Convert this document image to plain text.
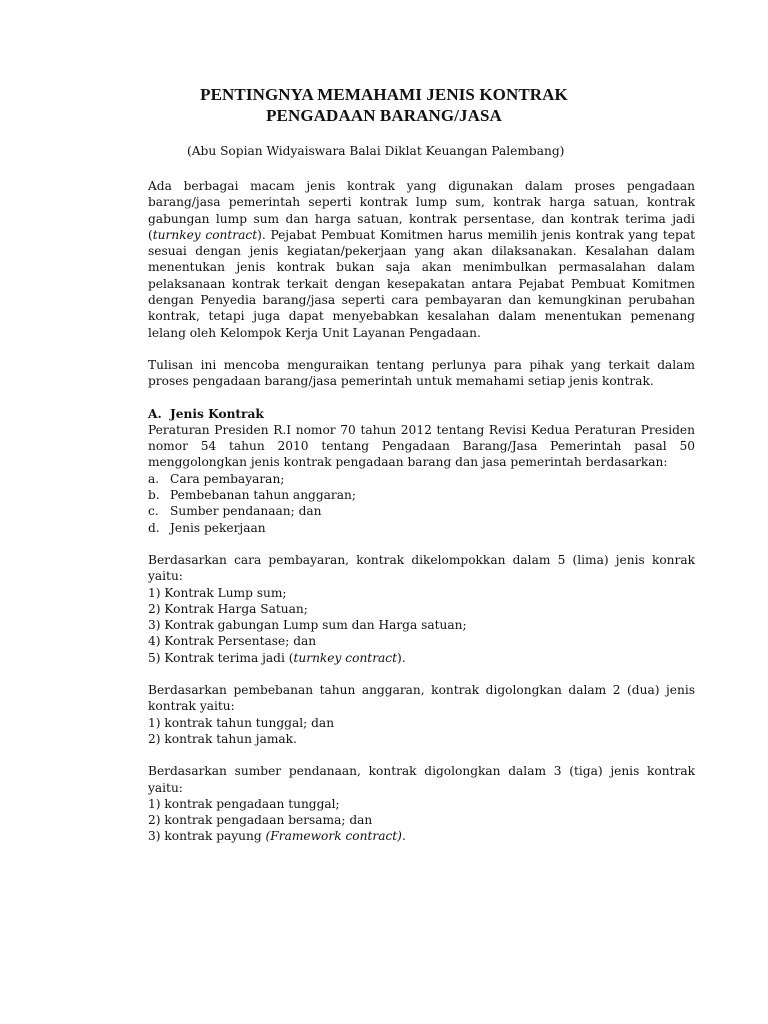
PENTINGNYA MEMAHAMI JENIS KONTRAK
PENGADAAN BARANG/JASA
(Abu Sopian Widyaiswara Balai Diklat Keuangan Palembang)

Ada berbagai macam jenis kontrak yang digunakan dalam proses pengadaan barang/jasa pemerintah seperti kontrak lump sum, kontrak harga satuan, kontrak gabungan lump sum dan harga satuan, kontrak persentase, dan kontrak terima jadi (turnkey contract). Pejabat Pembuat Komitmen harus memilih jenis kontrak yang tepat sesuai dengan jenis kegiatan/pekerjaan yang akan dilaksanakan. Kesalahan dalam menentukan jenis kontrak bukan saja akan menimbulkan permasalahan dalam pelaksanaan kontrak terkait dengan kesepakatan antara Pejabat Pembuat Komitmen dengan Penyedia barang/jasa seperti cara pembayaran dan kemungkinan perubahan kontrak, tetapi juga dapat menyebabkan kesalahan dalam menentukan pemenang lelang oleh Kelompok Kerja Unit Layanan Pengadaan.

Tulisan ini mencoba menguraikan tentang perlunya para pihak yang terkait dalam proses pengadaan barang/jasa pemerintah untuk memahami setiap jenis kontrak.

A. Jenis Kontrak

Peraturan Presiden R.I nomor 70 tahun 2012 tentang Revisi Kedua Peraturan Presiden nomor 54 tahun 2010 tentang Pengadaan Barang/Jasa Pemerintah pasal 50 menggolongkan jenis kontrak pengadaan barang dan jasa pemerintah berdasarkan:

a. Cara pembayaran;
b. Pembebanan tahun anggaran;
c. Sumber pendanaan; dan
d. Jenis pekerjaan

Berdasarkan cara pembayaran, kontrak dikelompokkan dalam 5 (lima) jenis konrak yaitu:

1) Kontrak Lump sum;
2) Kontrak Harga Satuan;
3) Kontrak gabungan Lump sum dan Harga satuan;
4) Kontrak Persentase; dan
5) Kontrak terima jadi (turnkey contract).

Berdasarkan pembebanan tahun anggaran, kontrak digolongkan dalam 2 (dua) jenis kontrak yaitu:

1) kontrak tahun tunggal; dan
2) kontrak tahun jamak.

Berdasarkan sumber pendanaan, kontrak digolongkan dalam 3 (tiga) jenis kontrak yaitu:

1) kontrak pengadaan tunggal;
2) kontrak pengadaan bersama; dan
3) kontrak payung (Framework contract).
